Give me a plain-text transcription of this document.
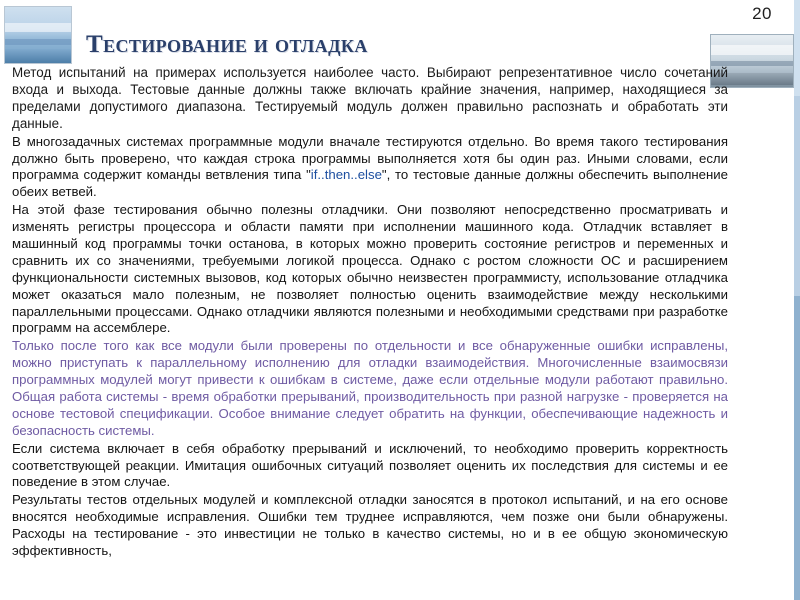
20
Тестирование и отладка

Метод испытаний на примерах используется наиболее часто. Выбирают репрезентативное число сочетаний входа и выхода. Тестовые данные должны также включать крайние значения, например, находящиеся за пределами допустимого диапазона. Тестируемый модуль должен правильно распознать и обработать эти данные.

В многозадачных системах программные модули вначале тестируются отдельно. Во время такого тестирования должно быть проверено, что каждая строка программы выполняется хотя бы один раз. Иными словами, если программа содержит команды ветвления типа "if..then..else", то тестовые данные должны обеспечить выполнение обеих ветвей.

На этой фазе тестирования обычно полезны отладчики. Они позволяют непосредственно просматривать и изменять регистры процессора и области памяти при исполнении машинного кода. Отладчик вставляет в машинный код программы точки останова, в которых можно проверить состояние регистров и переменных и сравнить их со значениями, требуемыми логикой процесса. Однако с ростом сложности ОС и расширением функциональности системных вызовов, код которых обычно неизвестен программисту, использование отладчика может оказаться мало полезным, не позволяет полностью оценить взаимодействие между несколькими параллельными процессами. Однако отладчики являются полезными и необходимыми средствами при разработке программ на ассемблере.

Только после того как все модули были проверены по отдельности и все обнаруженные ошибки исправлены, можно приступать к параллельному исполнению для отладки взаимодействия. Многочисленные взаимосвязи программных модулей могут привести к ошибкам в системе, даже если отдельные модули работают правильно. Общая работа системы - время обработки прерываний, производительность при разной нагрузке - проверяется на основе тестовой спецификации. Особое внимание следует обратить на функции, обеспечивающие надежность и безопасность системы.

Если система включает в себя обработку прерываний и исключений, то необходимо проверить корректность соответствующей реакции. Имитация ошибочных ситуаций позволяет оценить их последствия для системы и ее поведение в этом случае.

Результаты тестов отдельных модулей и комплексной отладки заносятся в протокол испытаний, и на его основе вносятся необходимые исправления. Ошибки тем труднее исправляются, чем позже они были обнаружены. Расходы на тестирование - это инвестиции не только в качество системы, но и в ее общую экономическую эффективность,
